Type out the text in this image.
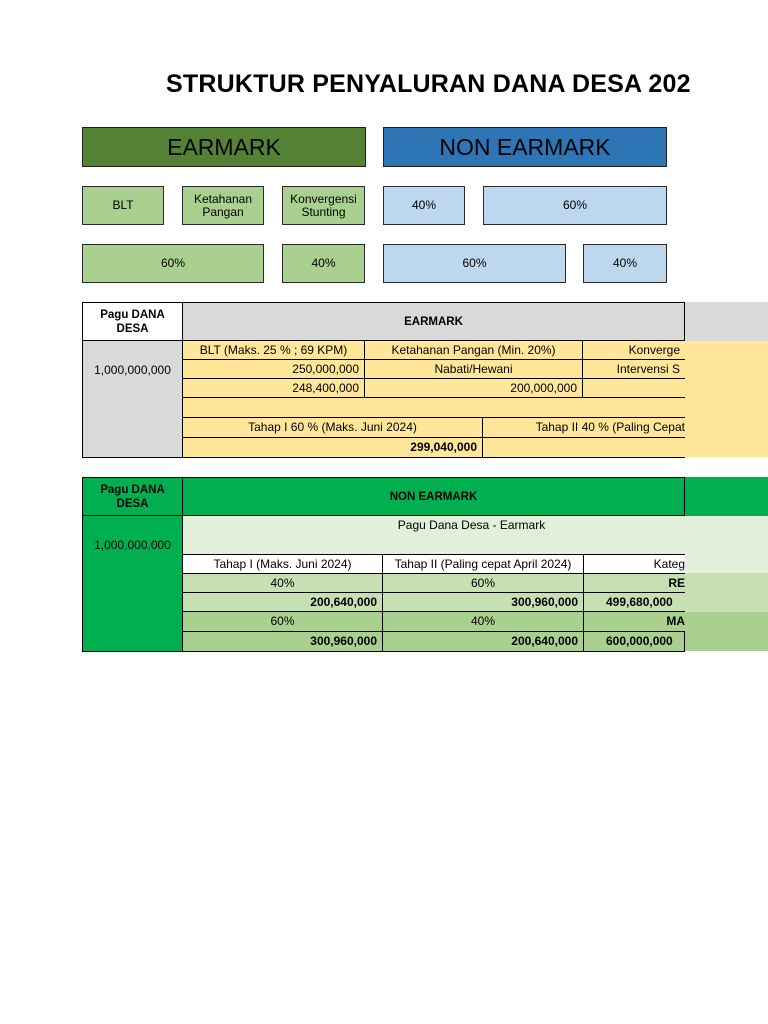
STRUKTUR PENYALURAN DANA DESA 202
EARMARK	NON EARMARK
BLT	Ketahanan Pangan
Konvergensi Stunting	40%	60%
60%	40%	60%	40%
Pagu DANA DESA
EARMARK
1,000,000,000
BLT (Maks. 25 % ; 69 KPM)	Ketahanan Pangan (Min. 20%)	Konverge
250,000,000	Nabati/Hewani	Intervensi S
248,400,000	200,000,000
Tahap I 60 % (Maks. Juni 2024)	Tahap II 40 % (Paling Cepat
299,040,000
Pagu DANA DESA
NON EARMARK
1,000,000,000
Pagu Dana Desa - Earmark
Tahap I (Maks. Juni 2024)	Tahap II (Paling cepat April 2024)	Kateg
40%	60%	RE
200,640,000	300,960,000	499,680,000
60%	40%	MA
300,960,000	200,640,000	600,000,000
